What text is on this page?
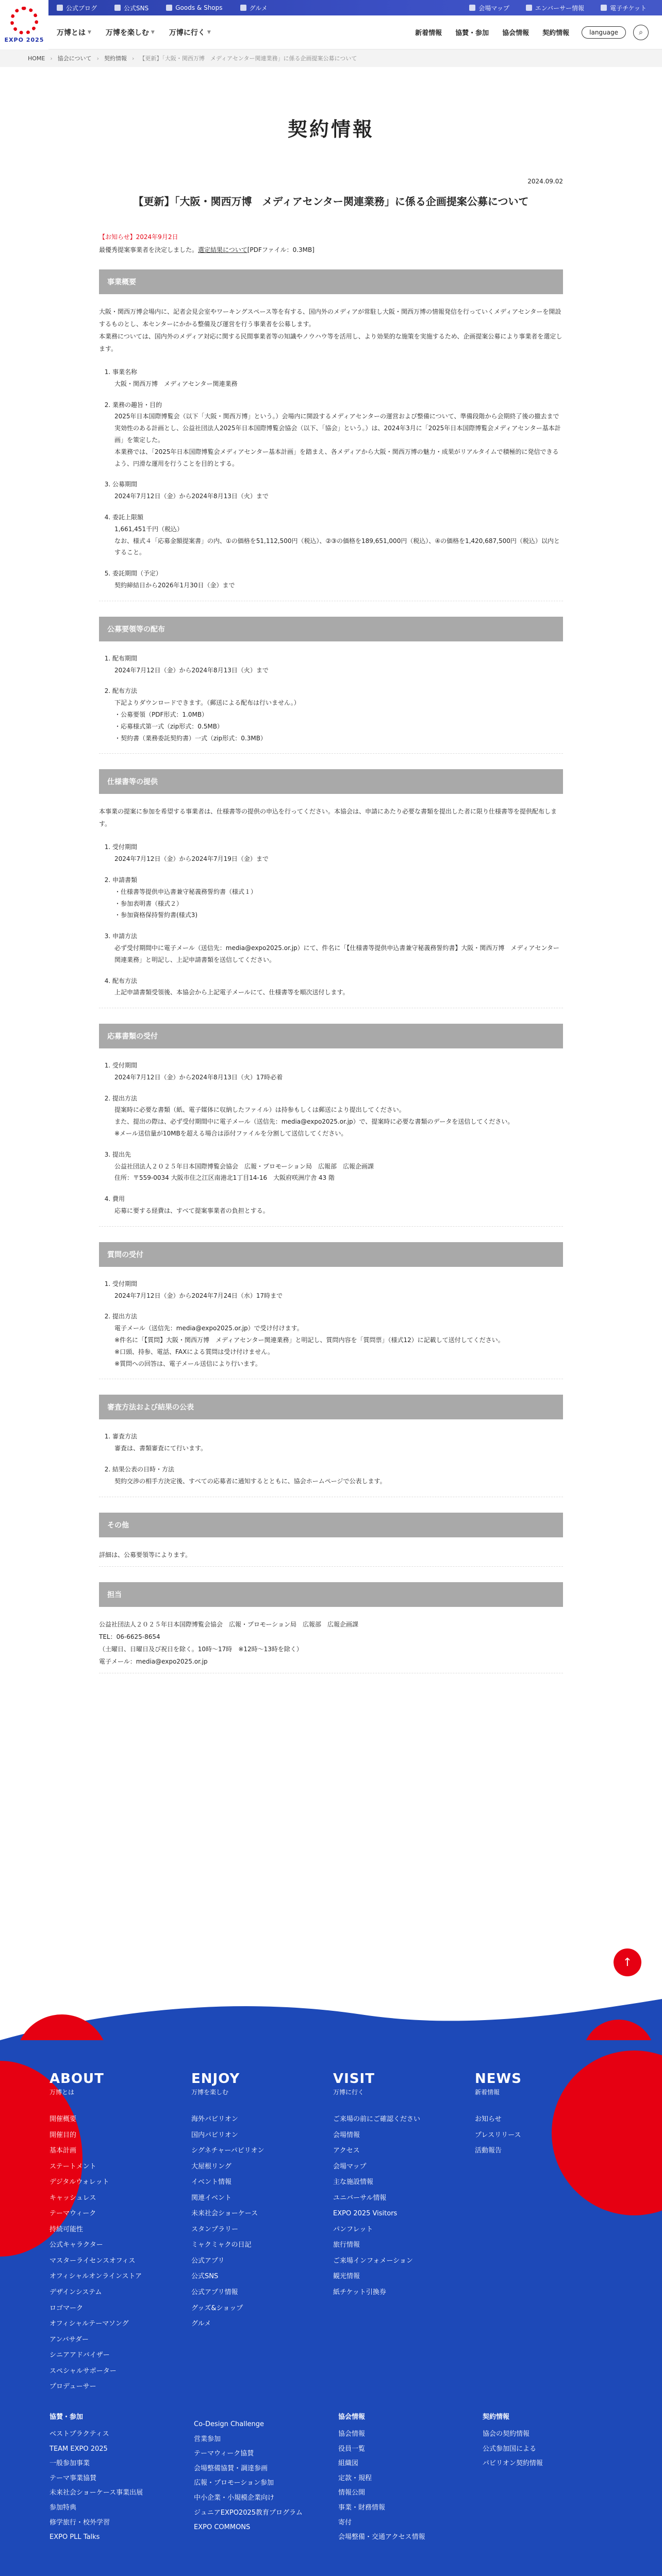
EXPO 2025
公式ブログ	公式SNS	Goods & Shops	グルメ	会場マップ	エンバーサー情報	電子チケット
万博とは ▼ 万博を楽しむ ▼ 万博に行く ▼	新着情報 協賛・参加 協会情報 契約情報	language	⌕
HOME › 協会について › 契約情報 › 【更新】「大阪・関西万博　メディアセンター関連業務」に係る企画提案公募について
契約情報
2024.09.02
【更新】「大阪・関西万博　メディアセンター関連業務」に係る企画提案公募について
【お知らせ】2024年9月2日
最優秀提案事業者を決定しました。選定結果について[PDFファイル：0.3MB]
事業概要

大阪・関西万博会場内に、記者会見会室やワーキングスペース等を有する、国内外のメディアが常駐し大阪・関西万博の情報発信を行っていくメディアセンターを開設するものとし、本センターにかかる整備及び運営を行う事業者を公募します。

本業務については、国内外のメディア対応に関する民間事業者等の知識やノウハウ等を活用し、より効果的な施策を実施するため、企画提案公募により事業者を選定します。

1. 事業名称
大阪・関西万博　メディアセンター関連業務
2. 業務の趣旨・目的
2025年日本国際博覧会（以下「大阪・関西万博」という。）会場内に開設するメディアセンターの運営および整備について、準備段階から会期終了後の撤去まで実効性のある計画とし、公益社団法人2025年日本国際博覧会協会（以下、「協会」という。）は、2024年3月に「2025年日本国際博覧会メディアセンター基本計画」を策定した。
本業務では、「2025年日本国際博覧会メディアセンター基本計画」を踏まえ、各メディアから大阪・関西万博の魅力・成果がリアルタイムで積極的に発信できるよう、円滑な運用を行うことを目的とする。
3. 公募期間
2024年7月12日（金）から2024年8月13日（火）まで
4. 委託上限額
1,661,451千円（税込）
なお、様式４「応募金額提案書」の内、①の価格を51,112,500円（税込）、②③の価格を189,651,000円（税込）、④の価格を1,420,687,500円（税込）以内とすること。
5. 委託期間（予定）
契約締結日から2026年1月30日（金）まで
公募要領等の配布
1. 配布期間
2024年7月12日（金）から2024年8月13日（火）まで
2. 配布方法
下記よりダウンロードできます。（郵送による配布は行いません。）
・公募要領（PDF形式：1.0MB）
・応募様式第一式（zip形式：0.5MB）
・契約書（業務委託契約書）一式（zip形式：0.3MB）
仕様書等の提供

本事業の提案に参加を希望する事業者は、仕様書等の提供の申込を行ってください。本協会は、申請にあたり必要な書類を提出した者に限り仕様書等を提供配布します。

1. 受付期間
2024年7月12日（金）から2024年7月19日（金）まで
2. 申請書類
・仕様書等提供申込書兼守秘義務誓約書（様式１）
・参加表明書（様式２）
・参加資格保持誓約書(様式3)
3. 申請方法
必ず受付期間中に電子メール（送信先：media@expo2025.or.jp）にて、件名に「【仕様書等提供申込書兼守秘義務誓約書】大阪・関西万博　メディアセンター関連業務」と明記し、上記申請書類を送信してください。
4. 配布方法
上記申請書類受領後、本協会から上記電子メールにて、仕様書等を順次送付します。
応募書類の受付
1. 受付期間
2024年7月12日（金）から2024年8月13日（火）17時必着
2. 提出方法
提案時に必要な書類（紙、電子媒体に収納したファイル）は持参もしくは郵送により提出してください。
また、提出の際は、必ず受付期間中に電子メール（送信先：media@expo2025.or.jp）で、提案時に必要な書類のデータを送信してください。
※メール送信量が10MBを超える場合は添付ファイルを分割して送信してください。
3. 提出先
公益社団法人２０２５年日本国際博覧会協会　広報・プロモーション局　広報部　広報企画課
住所：〒559-0034 大阪市住之江区南港北1丁目14-16　大阪府咲洲庁舎 43 階
4. 費用
応募に要する経費は、すべて提案事業者の負担とする。
質問の受付
1. 受付期間
2024年7月12日（金）から2024年7月24日（水）17時まで
2. 提出方法
電子メール（送信先：media@expo2025.or.jp）で受け付けます。
※件名に「【質問】大阪・関西万博　メディアセンター関連業務」と明記し、質問内容を「質問票」（様式12）に記載して送付してください。
※口頭、持参、電話、FAXによる質問は受け付けません。
※質問への回答は、電子メール送信により行います。
審査方法および結果の公表
1. 審査方法
審査は、書類審査にて行います。
2. 結果公表の日時・方法
契約交渉の相手方決定後、すべての応募者に通知するとともに、協会ホームページで公表します。
その他

詳細は、公募要領等によります。

担当

公益社団法人２０２５年日本国際博覧会協会　広報・プロモーション局　広報部　広報企画課

TEL：06-6625-8654

（土曜日、日曜日及び祝日を除く。10時〜17時　※12時〜13時を除く）

電子メール：media@expo2025.or.jp

↑
ABOUT
万博とは
開催概要
開催目的
基本計画
ステートメント
デジタルウォレット
キャッシュレス
テーマウィーク
持続可能性
公式キャラクター
マスターライセンスオフィス
オフィシャルオンラインストア
デザインシステム
ロゴマーク
オフィシャルテーマソング
アンバサダー
シニアアドバイザー
スペシャルサポーター
プロデューサー
ENJOY
万博を楽しむ
海外パビリオン
国内パビリオン
シグネチャーパビリオン
大屋根リング
イベント情報
関連イベント
未来社会ショーケース
スタンプラリー
ミャクミャクの日記
公式アプリ
公式SNS
公式アプリ情報
グッズ&ショップ
グルメ
VISIT
万博に行く
ご来場の前にご確認ください
会場情報
アクセス
会場マップ
主な施設情報
ユニバーサル情報
EXPO 2025 Visitors
パンフレット
旅行情報
ご来場インフォメーション
観光情報
紙チケット引換券
NEWS
新着情報
お知らせ
プレスリリース
活動報告
協賛・参加
ベストプラクティス
TEAM EXPO 2025
一般参加事業
テーマ事業協賛
未来社会ショーケース事業出展
参加特典
修学旅行・校外学習
EXPO PLL Talks
Co-Design Challenge
営業参加
テーマウィーク協賛
会場整備協賛・調達参画
広報・プロモーション参加
中小企業・小規模企業向け
ジュニアEXPO2025教育プログラム
EXPO COMMONS
協会情報
協会情報
役員一覧
組織図
定款・規程
情報公開
事業・財務情報
寄付
会場整備・交通アクセス情報
契約情報
協会の契約情報
公式参加国による
パビリオン契約情報
